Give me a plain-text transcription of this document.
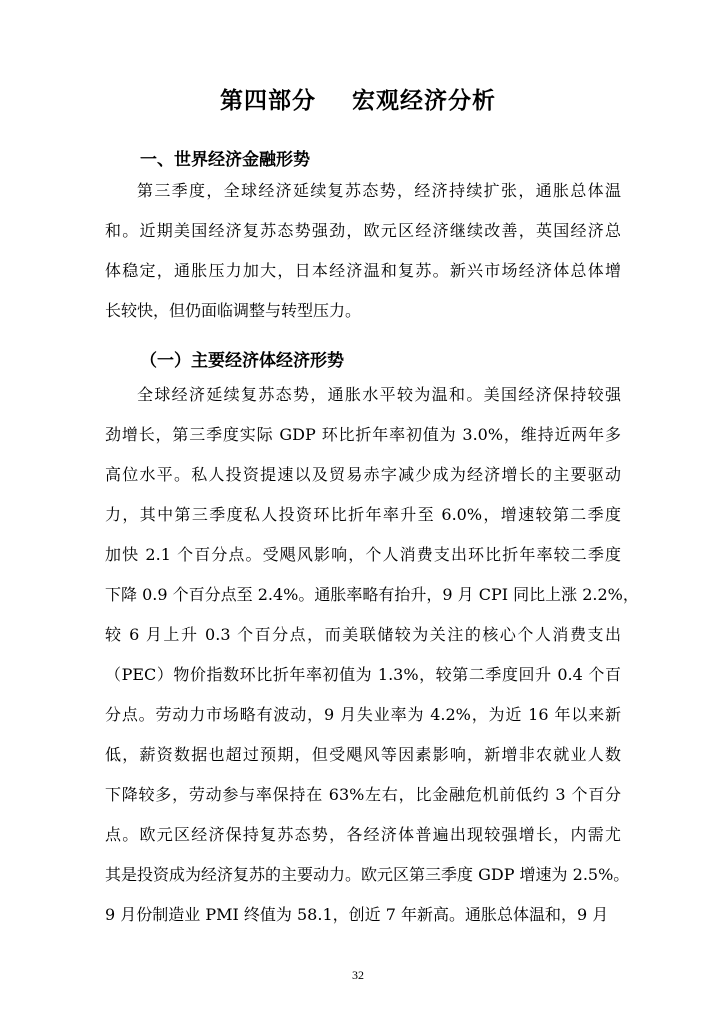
第四部分    宏观经济分析
一、世界经济金融形势
第三季度，全球经济延续复苏态势，经济持续扩张，通胀总体温
和。近期美国经济复苏态势强劲，欧元区经济继续改善，英国经济总
体稳定，通胀压力加大，日本经济温和复苏。新兴市场经济体总体增
长较快，但仍面临调整与转型压力。
（一）主要经济体经济形势
全球经济延续复苏态势，通胀水平较为温和。美国经济保持较强
劲增长，第三季度实际 GDP 环比折年率初值为 3.0%，维持近两年多
高位水平。私人投资提速以及贸易赤字减少成为经济增长的主要驱动
力，其中第三季度私人投资环比折年率升至 6.0%，增速较第二季度
加快 2.1 个百分点。受飓风影响，个人消费支出环比折年率较二季度
下降 0.9 个百分点至 2.4%。通胀率略有抬升，9 月 CPI 同比上涨 2.2%，
较 6 月上升 0.3 个百分点，而美联储较为关注的核心个人消费支出
（PEC）物价指数环比折年率初值为 1.3%，较第二季度回升 0.4 个百
分点。劳动力市场略有波动，9 月失业率为 4.2%，为近 16 年以来新
低，薪资数据也超过预期，但受飓风等因素影响，新增非农就业人数
下降较多，劳动参与率保持在 63%左右，比金融危机前低约 3 个百分
点。欧元区经济保持复苏态势，各经济体普遍出现较强增长，内需尤
其是投资成为经济复苏的主要动力。欧元区第三季度 GDP 增速为 2.5%。
9 月份制造业 PMI 终值为 58.1，创近 7 年新高。通胀总体温和，9 月
32
